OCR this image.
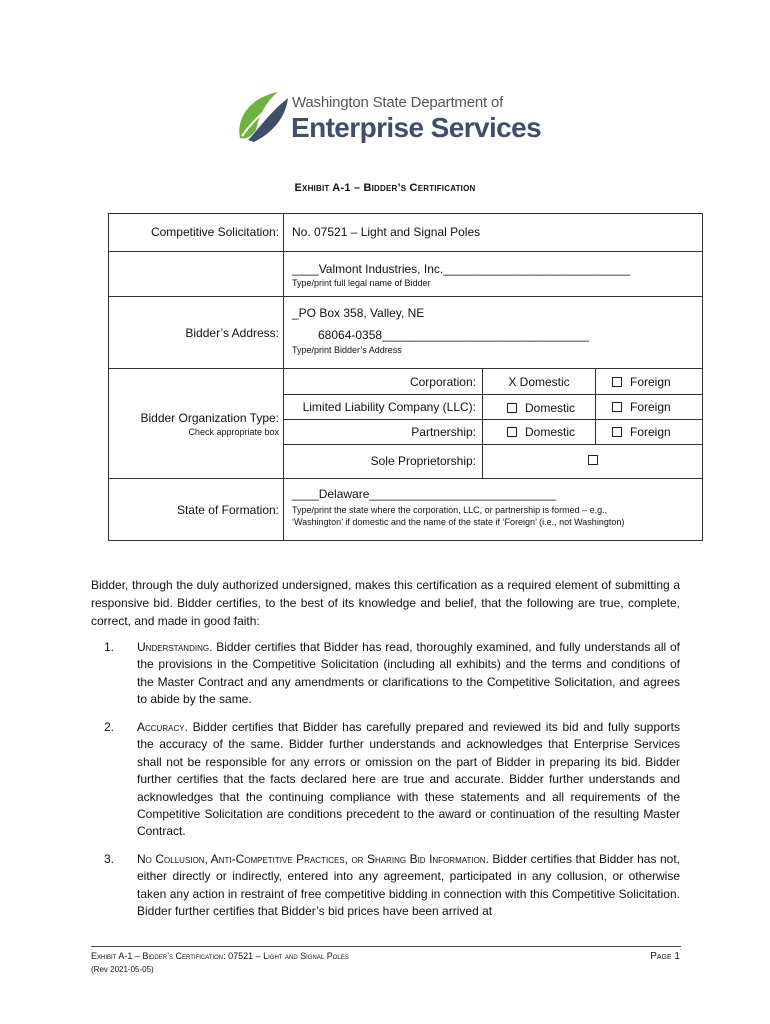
Washington State Department of
Enterprise Services
Exhibit A-1 – Bidder’s Certification
Competitive Solicitation:	No. 07521 – Light and Signal Poles		

	____Valmont Industries, Inc.____________________________
Type/print full legal name of Bidder		

Bidder’s Address:	_PO Box 358, Valley, NE
68064-0358_______________________________
Type/print Bidder’s Address		

Bidder Organization Type:
Check appropriate box	Corporation:	X Domestic	Foreign
	Limited Liability Company (LLC):	Domestic	Foreign
	Partnership:	Domestic	Foreign
	Sole Proprietorship:		
State of Formation:	____Delaware____________________________
Type/print the state where the corporation, LLC, or partnership is formed – e.g.,
‘Washington’ if domestic and the name of the state if ‘Foreign’ (i.e., not Washington)		
Bidder, through the duly authorized undersigned, makes this certification as a required element of submitting a responsive bid. Bidder certifies, to the best of its knowledge and belief, that the following are true, complete, correct, and made in good faith:
1. Understanding. Bidder certifies that Bidder has read, thoroughly examined, and fully understands all of the provisions in the Competitive Solicitation (including all exhibits) and the terms and conditions of the Master Contract and any amendments or clarifications to the Competitive Solicitation, and agrees to abide by the same.
2. Accuracy. Bidder certifies that Bidder has carefully prepared and reviewed its bid and fully supports the accuracy of the same. Bidder further understands and acknowledges that Enterprise Services shall not be responsible for any errors or omission on the part of Bidder in preparing its bid. Bidder further certifies that the facts declared here are true and accurate. Bidder further understands and acknowledges that the continuing compliance with these statements and all requirements of the Competitive Solicitation are conditions precedent to the award or continuation of the resulting Master Contract.
3. No Collusion, Anti-Competitive Practices, or Sharing Bid Information. Bidder certifies that Bidder has not, either directly or indirectly, entered into any agreement, participated in any collusion, or otherwise taken any action in restraint of free competitive bidding in connection with this Competitive Solicitation. Bidder further certifies that Bidder’s bid prices have been arrived at
Exhibit A-1 – Bidder’s Certification: 07521 – Light and Signal Poles	Page 1
(Rev 2021-05-05)
